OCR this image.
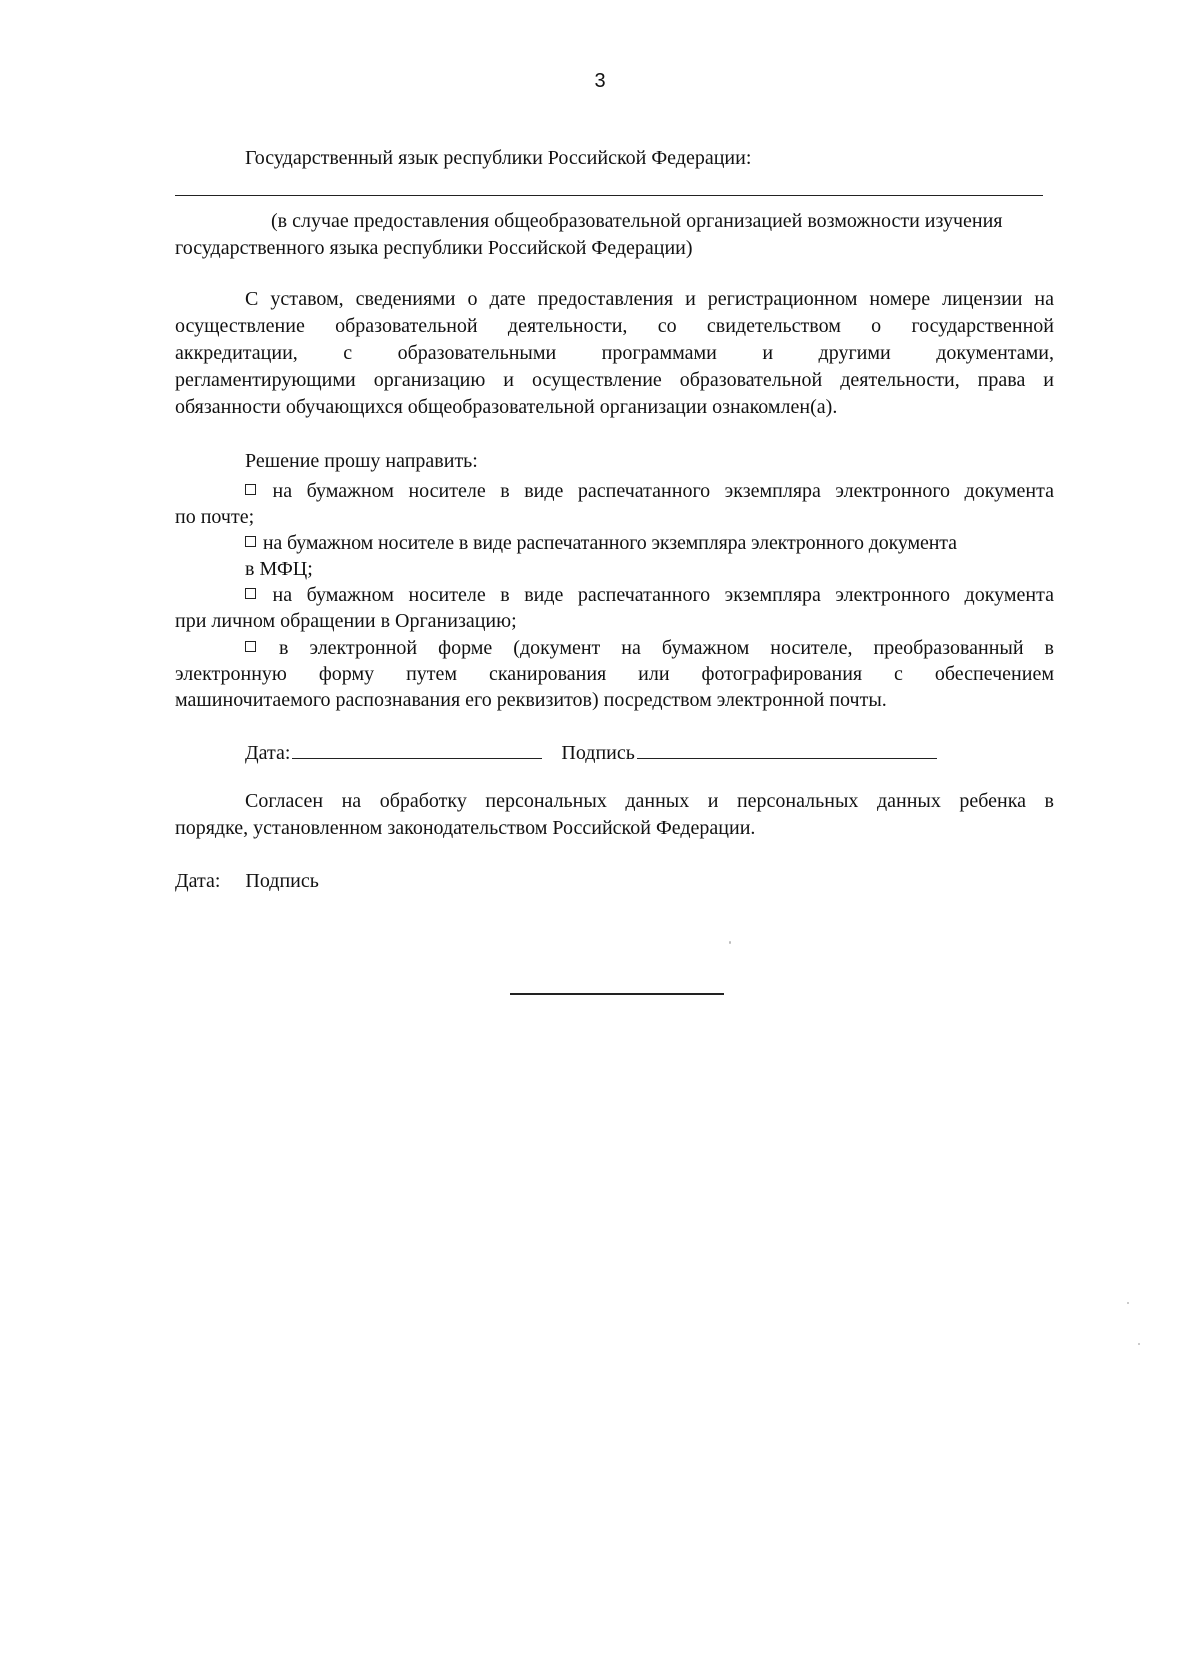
3
Государственный язык республики Российской Федерации:
(в случае предоставления общеобразовательной организацией возможности изучения
государственного языка республики Российской Федерации)
С уставом, сведениями о дате предоставления и регистрационном номере лицензии на
осуществление образовательной деятельности, со свидетельством о государственной
аккредитации, с образовательными программами и другими документами,
регламентирующими организацию и осуществление образовательной деятельности, права и
обязанности обучающихся общеобразовательной организации ознакомлен(а).
Решение прошу направить:
на бумажном носителе в виде распечатанного экземпляра электронного документа
по почте;
на бумажном носителе в виде распечатанного экземпляра электронного документа
в МФЦ;
на бумажном носителе в виде распечатанного экземпляра электронного документа
при личном обращении в Организацию;
в электронной форме (документ на бумажном носителе, преобразованный в
электронную форму путем сканирования или фотографирования с обеспечением
машиночитаемого распознавания его реквизитов) посредством электронной почты.
Дата:	Подпись
Согласен на обработку персональных данных и персональных данных ребенка в
порядке, установленном законодательством Российской Федерации.
Дата: Подпись
